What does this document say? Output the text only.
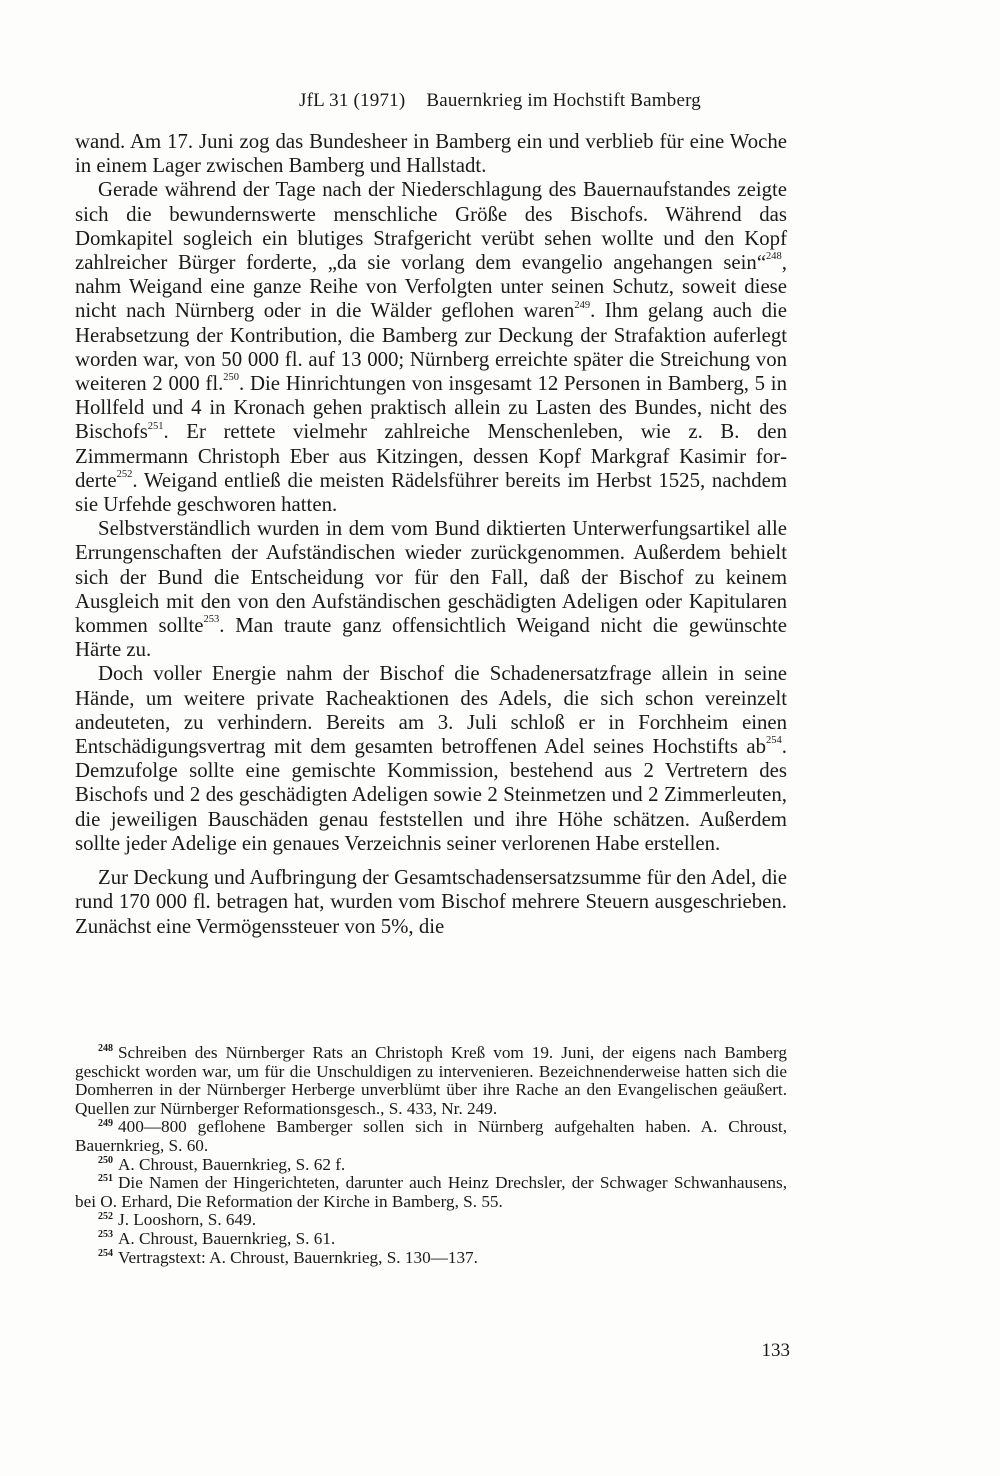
JfL 31 (1971) Bauernkrieg im Hochstift Bamberg

wand. Am 17. Juni zog das Bundesheer in Bamberg ein und verblieb für eine Woche in einem Lager zwischen Bamberg und Hallstadt.

Gerade während der Tage nach der Niederschlagung des Bauernaufstandes zeigte sich die bewundernswerte menschliche Größe des Bischofs. Während das Domkapitel sogleich ein blutiges Strafgericht verübt sehen wollte und den Kopf zahlreicher Bürger forderte, „da sie vorlang dem evangelio angehangen sein“$^{248}$, nahm Weigand eine ganze Reihe von Verfolgten unter seinen Schutz, soweit diese nicht nach Nürnberg oder in die Wälder geflohen waren$^{249}$. Ihm gelang auch die Herabsetzung der Kontribution, die Bamberg zur Deckung der Strafaktion auferlegt worden war, von 50 000 fl. auf 13 000; Nürnberg erreichte später die Streichung von weiteren 2 000 fl.$^{250}$. Die Hinrichtungen von insgesamt 12 Personen in Bamberg, 5 in Hollfeld und 4 in Kronach gehen praktisch allein zu Lasten des Bundes, nicht des Bischofs$^{251}$. Er rettete vielmehr zahlreiche Menschenleben, wie z. B. den Zimmermann Christoph Eber aus Kitzingen, dessen Kopf Markgraf Kasimir forderte$^{252}$. Weigand entließ die meisten Rädelsführer bereits im Herbst 1525, nachdem sie Urfehde geschworen hatten.

Selbstverständlich wurden in dem vom Bund diktierten Unterwerfungsartikel alle Errungenschaften der Aufständischen wieder zurückgenommen. Außerdem behielt sich der Bund die Entscheidung vor für den Fall, daß der Bischof zu keinem Ausgleich mit den von den Aufständischen geschädigten Adeligen oder Kapitularen kommen sollte$^{253}$. Man traute ganz offensichtlich Weigand nicht die gewünschte Härte zu.

Doch voller Energie nahm der Bischof die Schadenersatzfrage allein in seine Hände, um weitere private Racheaktionen des Adels, die sich schon vereinzelt andeuteten, zu verhindern. Bereits am 3. Juli schloß er in Forchheim einen Entschädigungsvertrag mit dem gesamten betroffenen Adel seines Hochstifts ab$^{254}$. Demzufolge sollte eine gemischte Kommission, bestehend aus 2 Vertretern des Bischofs und 2 des geschädigten Adeligen sowie 2 Steinmetzen und 2 Zimmerleuten, die jeweiligen Bauschäden genau feststellen und ihre Höhe schätzen. Außerdem sollte jeder Adelige ein genaues Verzeichnis seiner verlorenen Habe erstellen.

Zur Deckung und Aufbringung der Gesamtschadensersatzsumme für den Adel, die rund 170 000 fl. betragen hat, wurden vom Bischof mehrere Steuern ausgeschrieben. Zunächst eine Vermögenssteuer von 5%, die

$^{248}$ Schreiben des Nürnberger Rats an Christoph Kreß vom 19. Juni, der eigens nach Bamberg geschickt worden war, um für die Unschuldigen zu intervenieren. Bezeichnenderweise hatten sich die Domherren in der Nürnberger Herberge unverblümt über ihre Rache an den Evangelischen geäußert. Quellen zur Nürnberger Reformationsgesch., S. 433, Nr. 249.

$^{249}$ 400—800 geflohene Bamberger sollen sich in Nürnberg aufgehalten haben. A. Chroust, Bauernkrieg, S. 60.

$^{250}$ A. Chroust, Bauernkrieg, S. 62 f.

$^{251}$ Die Namen der Hingerichteten, darunter auch Heinz Drechsler, der Schwager Schwanhausens, bei O. Erhard, Die Reformation der Kirche in Bamberg, S. 55.

$^{252}$ J. Looshorn, S. 649.

$^{253}$ A. Chroust, Bauernkrieg, S. 61.

$^{254}$ Vertragstext: A. Chroust, Bauernkrieg, S. 130—137.

133
